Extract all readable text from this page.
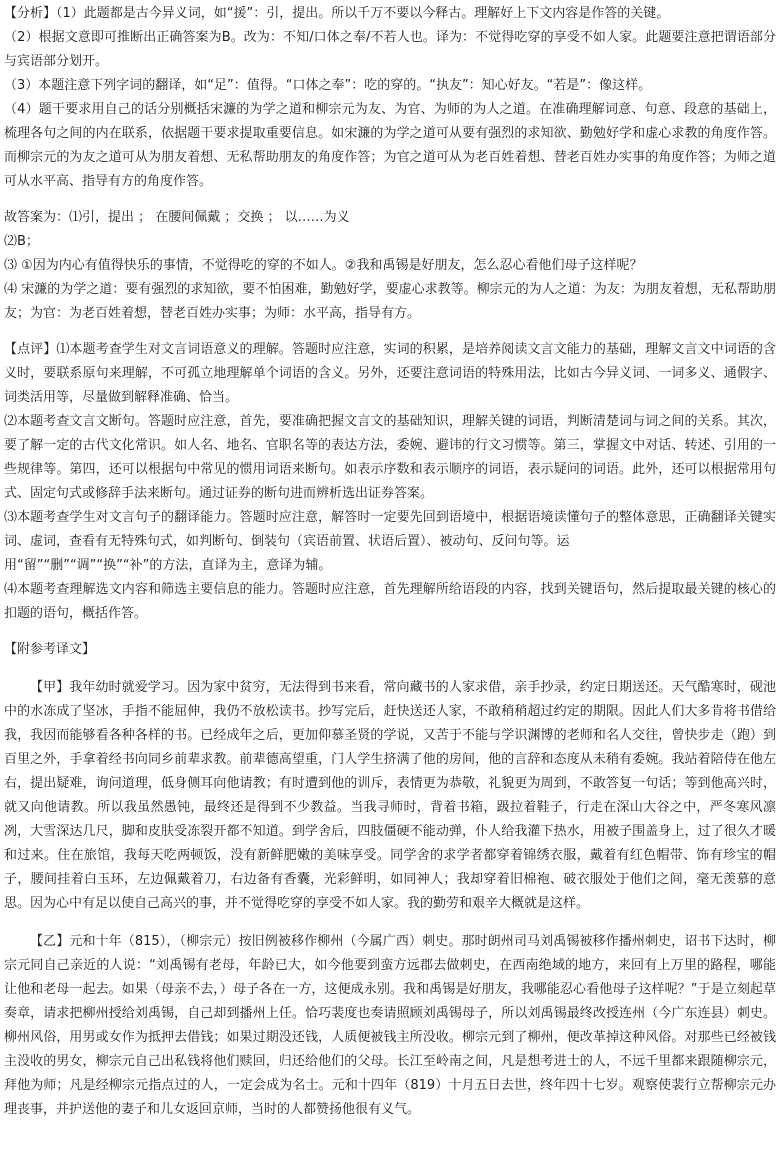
【分析】（1）此题都是古今异义词，如“援”：引，提出。所以千万不要以今释古。理解好上下文内容是作答的关键。

（2）根据文意即可推断出正确答案为B。改为：不知/口体之奉/不若人也。译为：不觉得吃穿的享受不如人家。此题要注意把谓语部分与宾语部分划开。

（3）本题注意下列字词的翻译，如“足”：值得。“口体之奉”：吃的穿的。“执友”：知心好友。“若是”：像这样。

（4）题干要求用自己的话分别概括宋濂的为学之道和柳宗元为友、为官、为师的为人之道。在准确理解词意、句意、段意的基础上，梳理各句之间的内在联系，依据题干要求提取重要信息。如宋濂的为学之道可从要有强烈的求知欲、勤勉好学和虚心求教的角度作答。而柳宗元的为友之道可从为朋友着想、无私帮助朋友的角度作答；为官之道可从为老百姓着想、替老百姓办实事的角度作答；为师之道可从水平高、指导有方的角度作答。

故答案为：⑴引，提出 ； 在腰间佩戴 ；交换 ； 以……为义

⑵B；

⑶ ①因为内心有值得快乐的事情，不觉得吃的穿的不如人。②我和禹锡是好朋友，怎么忍心看他们母子这样呢？

⑷ 宋濂的为学之道：要有强烈的求知欲，要不怕困难，勤勉好学，要虚心求教等。柳宗元的为人之道：为友：为朋友着想，无私帮助朋友；为官：为老百姓着想，替老百姓办实事；为师：水平高，指导有方。

【点评】⑴本题考查学生对文言词语意义的理解。答题时应注意，实词的积累，是培养阅读文言文能力的基础，理解文言文中词语的含义时，要联系原句来理解，不可孤立地理解单个词语的含义。另外，还要注意词语的特殊用法，比如古今异义词、一词多义、通假字、词类活用等，尽量做到解释准确、恰当。

⑵本题考查文言文断句。答题时应注意，首先，要准确把握文言文的基础知识，理解关键的词语，判断清楚词与词之间的关系。其次，要了解一定的古代文化常识。如人名、地名、官职名等的表达方法，委婉、避讳的行文习惯等。第三，掌握文中对话、转述、引用的一些规律等。第四，还可以根据句中常见的惯用词语来断句。如表示序数和表示顺序的词语，表示疑问的词语。此外，还可以根据常用句式、固定句式或修辞手法来断句。通过证券的断句进而辨析选出证券答案。

⑶本题考查学生对文言句子的翻译能力。答题时应注意，解答时一定要先回到语境中，根据语境读懂句子的整体意思，正确翻译关键实词、虚词，查看有无特殊句式，如判断句、倒装句（宾语前置、状语后置）、被动句、反问句等。运

用“留”“删”“调”“换”“补”的方法，直译为主，意译为辅。

⑷本题考查理解选文内容和筛选主要信息的能力。答题时应注意，首先理解所给语段的内容，找到关键语句，然后提取最关键的核心的扣题的语句，概括作答。

【附参考译文】

【甲】我年幼时就爱学习。因为家中贫穷，无法得到书来看，常向藏书的人家求借，亲手抄录，约定日期送还。天气酷寒时，砚池中的水冻成了坚冰，手指不能屈伸，我仍不放松读书。抄写完后，赶快送还人家，不敢稍稍超过约定的期限。因此人们大多肯将书借给我，我因而能够看各种各样的书。已经成年之后，更加仰慕圣贤的学说，又苦于不能与学识渊博的老师和名人交往，曾快步走（跑）到百里之外，手拿着经书向同乡前辈求教。前辈德高望重，门人学生挤满了他的房间，他的言辞和态度从未稍有委婉。我站着陪侍在他左右，提出疑难，询问道理，低身侧耳向他请教；有时遭到他的训斥，表情更为恭敬，礼貌更为周到，不敢答复一句话；等到他高兴时，就又向他请教。所以我虽然愚钝，最终还是得到不少教益。当我寻师时，背着书箱，趿拉着鞋子，行走在深山大谷之中，严冬寒风凛冽，大雪深达几尺，脚和皮肤受冻裂开都不知道。到学舍后，四肢僵硬不能动弹，仆人给我灌下热水，用被子围盖身上，过了很久才暖和过来。住在旅馆，我每天吃两顿饭，没有新鲜肥嫩的美味享受。同学舍的求学者都穿着锦绣衣服，戴着有红色帽带、饰有珍宝的帽子，腰间挂着白玉环，左边佩戴着刀，右边备有香囊，光彩鲜明，如同神人；我却穿着旧棉袍、破衣服处于他们之间，毫无羡慕的意思。因为心中有足以使自己高兴的事，并不觉得吃穿的享受不如人家。我的勤劳和艰辛大概就是这样。

【乙】元和十年（815），（柳宗元）按旧例被移作柳州（今属广西）刺史。那时朗州司马刘禹锡被移作播州刺史，诏书下达时，柳宗元同自己亲近的人说：“刘禹锡有老母，年龄已大，如今他要到蛮方远郡去做刺史，在西南绝域的地方，来回有上万里的路程，哪能让他和老母一起去。如果（母亲不去，）母子各在一方，这便成永别。我和禹锡是好朋友，我哪能忍心看他母子这样呢？”于是立刻起草奏章，请求把柳州授给刘禹锡，自己却到播州上任。恰巧裴度也奏请照顾刘禹锡母子，所以刘禹锡最终改授连州（今广东连县）刺史。柳州风俗，用男或女作为抵押去借钱；如果过期没还钱，人质便被钱主所没收。柳宗元到了柳州，便改革掉这种风俗。对那些已经被钱主没收的男女，柳宗元自己出私钱将他们赎回，归还给他们的父母。长江至岭南之间，凡是想考进士的人，不远千里都来跟随柳宗元，拜他为师；凡是经柳宗元指点过的人，一定会成为名士。元和十四年（819）十月五日去世，终年四十七岁。观察使裴行立帮柳宗元办理丧事，并护送他的妻子和儿女返回京师，当时的人都赞扬他很有义气。
